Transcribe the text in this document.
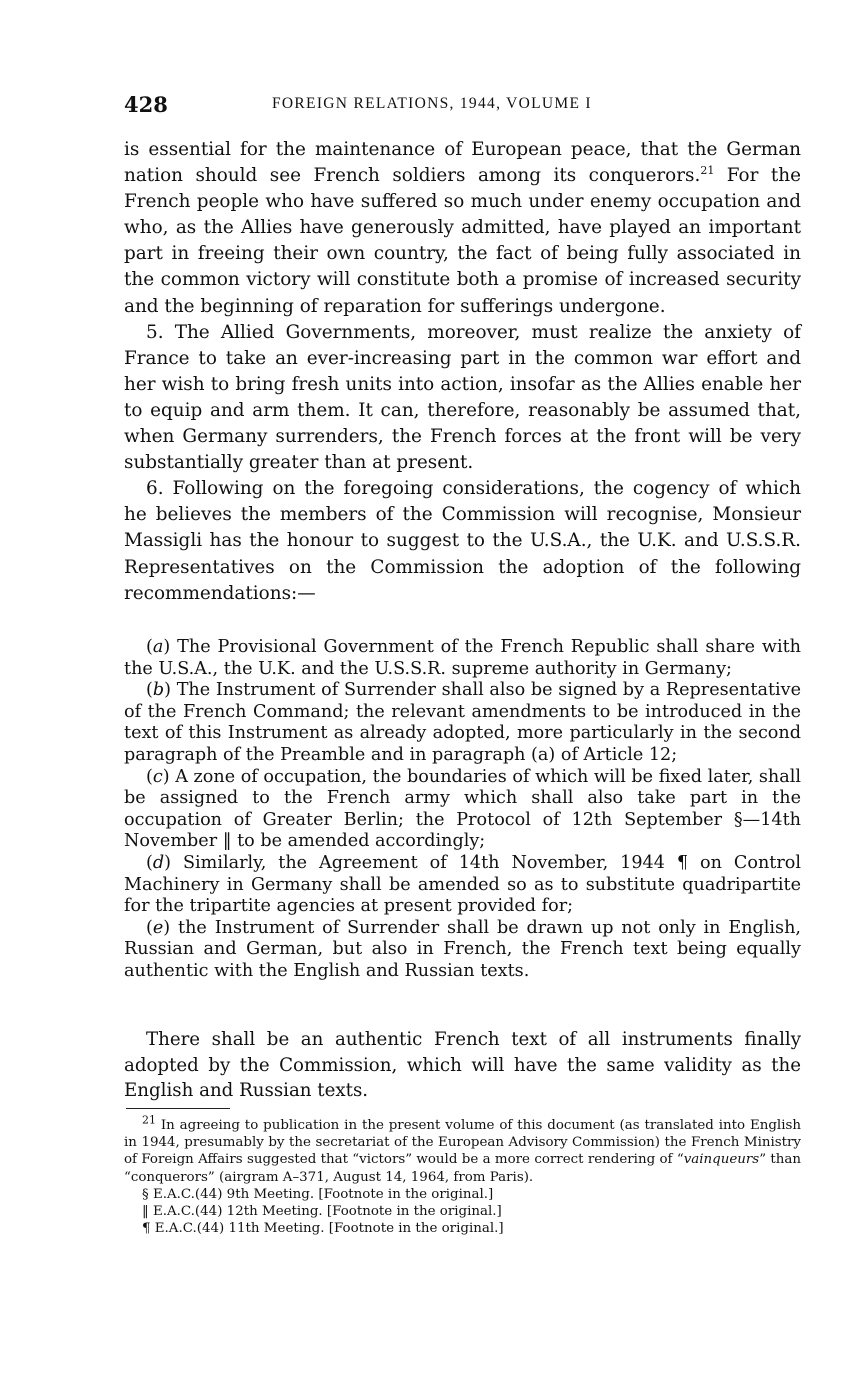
428	FOREIGN RELATIONS, 1944, VOLUME I

is essential for the maintenance of European peace, that the German nation should see French soldiers among its conquerors.$^{21}$ For the French people who have suffered so much under enemy occupation and who, as the Allies have generously admitted, have played an important part in freeing their own country, the fact of being fully associated in the common victory will constitute both a promise of increased security and the beginning of reparation for sufferings undergone.

5. The Allied Governments, moreover, must realize the anxiety of France to take an ever-increasing part in the common war effort and her wish to bring fresh units into action, insofar as the Allies enable her to equip and arm them. It can, therefore, reasonably be assumed that, when Germany surrenders, the French forces at the front will be very substantially greater than at present.

6. Following on the foregoing considerations, the cogency of which he believes the members of the Commission will recognise, Monsieur Massigli has the honour to suggest to the U.S.A., the U.K. and U.S.S.R. Representatives on the Commission the adoption of the following recommendations:—

(a) The Provisional Government of the French Republic shall share with the U.S.A., the U.K. and the U.S.S.R. supreme authority in Germany;

(b) The Instrument of Surrender shall also be signed by a Representative of the French Command; the relevant amendments to be introduced in the text of this Instrument as already adopted, more particularly in the second paragraph of the Preamble and in paragraph (a) of Article 12;

(c) A zone of occupation, the boundaries of which will be fixed later, shall be assigned to the French army which shall also take part in the occupation of Greater Berlin; the Protocol of 12th September §—14th November ‖ to be amended accordingly;

(d) Similarly, the Agreement of 14th November, 1944 ¶ on Control Machinery in Germany shall be amended so as to substitute quadripartite for the tripartite agencies at present provided for;

(e) the Instrument of Surrender shall be drawn up not only in English, Russian and German, but also in French, the French text being equally authentic with the English and Russian texts.

There shall be an authentic French text of all instruments finally adopted by the Commission, which will have the same validity as the English and Russian texts.

$^{21}$ In agreeing to publication in the present volume of this document (as translated into English in 1944, presumably by the secretariat of the European Advisory Commission) the French Ministry of Foreign Affairs suggested that “victors” would be a more correct rendering of “vainqueurs” than “conquerors” (airgram A–371, August 14, 1964, from Paris).

§ E.A.C.(44) 9th Meeting. [Footnote in the original.]

‖ E.A.C.(44) 12th Meeting. [Footnote in the original.]

¶ E.A.C.(44) 11th Meeting. [Footnote in the original.]
